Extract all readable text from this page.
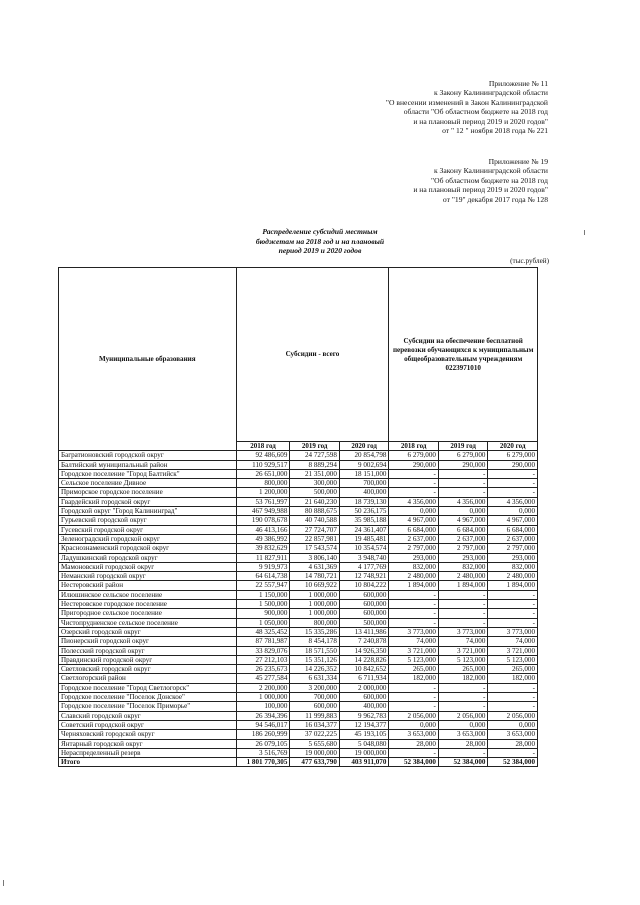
Приложение № 11
к Закону Калининградской области
"О внесении изменений в Закон Калининградской
области "Об областном бюджете на 2018 год
и на плановый период 2019 и 2020 годов"
от " 12 " ноября 2018 года № 221
Приложение № 19
к Закону Калининградской области
"Об областном бюджете на 2018 год
и на плановый период 2019 и 2020 годов"
от "19" декабря 2017 года № 128
Распределение субсидий местным
бюджетам на 2018 год и на плановый
период 2019 и 2020 годов
(тыс.рублей)
Муниципальные образования	Субсидии - всего			Субсидии на обеспечение бесплатной перевозки обучающихся к муниципальным общеобразовательным учреждениям 0223971010		
	2018 год	2019 год	2020 год	2018 год	2019 год	2020 год
Багратионовский городской округ	92 486,609	24 727,598	20 854,798	6 279,000	6 279,000	6 279,000
Балтийский муниципальный район	110 929,517	8 889,294	9 002,694	290,000	290,000	290,000
Городское поселение "Город Балтийск"	26 651,000	21 351,000	18 151,000	-	-	-
Сельское поселение Дивное	800,000	300,000	700,000	-	-	-
Приморское городское поселение	1 200,000	500,000	400,000	-	-	-
Гвардейский городской округ	53 761,997	21 640,230	18 739,130	4 356,000	4 356,000	4 356,000
Городской округ "Город Калининград"	467 949,988	80 888,675	50 236,175	0,000	0,000	0,000
Гурьевский городской округ	190 078,678	40 740,588	35 985,188	4 967,000	4 967,000	4 967,000
Гусевский городской округ	46 413,166	27 724,707	24 361,407	6 684,000	6 684,000	6 684,000
Зеленоградский городской округ	49 386,992	22 857,981	19 485,481	2 637,000	2 637,000	2 637,000
Краснознаменский городской округ	39 832,629	17 543,574	10 354,574	2 797,000	2 797,000	2 797,000
Ладушкинский городской округ	11 827,911	3 806,140	3 948,740	293,000	293,000	293,000
Мамоновский городской округ	9 919,973	4 631,369	4 177,769	832,000	832,000	832,000
Неманский городской округ	64 614,738	14 780,721	12 748,921	2 480,000	2 480,000	2 480,000
Нестеровский район	22 557,947	10 669,922	10 804,222	1 894,000	1 894,000	1 894,000
Илюшинское сельское поселение	1 150,000	1 000,000	600,000	-	-	-
Нестеровское городское поселение	1 500,000	1 000,000	600,000	-	-	-
Пригородное сельское поселение	900,000	1 000,000	600,000	-	-	-
Чистопрудненское сельское поселение	1 050,000	800,000	500,000	-	-	-
Озерский городской округ	48 325,452	15 335,286	13 411,986	3 773,000	3 773,000	3 773,000
Пионерский городской округ	87 781,987	8 454,178	7 240,878	74,000	74,000	74,000
Полесский городской округ	33 829,076	18 571,550	14 926,350	3 721,000	3 721,000	3 721,000
Правдинский городской округ	27 212,103	15 351,126	14 228,826	5 123,000	5 123,000	5 123,000
Светловский городской округ	26 235,673	14 226,352	10 842,652	265,000	265,000	265,000
Светлогорский район	45 277,584	6 631,334	6 711,934	182,000	182,000	182,000
Городское поселение "Город Светлогорск"	2 200,000	3 200,000	2 000,000	-	-	-
Городское поселение "Поселок Донское"	1 000,000	700,000	600,000	-	-	-
Городское поселение "Поселок Приморье"	100,000	600,000	400,000	-	-	-
Славский городской округ	26 394,396	11 999,883	9 962,783	2 056,000	2 056,000	2 056,000
Советский городской округ	94 546,017	16 034,377	12 194,377	0,000	0,000	0,000
Черняховский городской округ	186 260,999	37 022,225	45 193,105	3 653,000	3 653,000	3 653,000
Янтарный городской округ	26 079,105	5 655,680	5 048,080	28,000	28,000	28,000
Нераспределенный резерв	3 516,769	19 000,000	19 000,000	-	-	-
Итого	1 801 770,305	477 633,790	403 911,070	52 384,000	52 384,000	52 384,000
